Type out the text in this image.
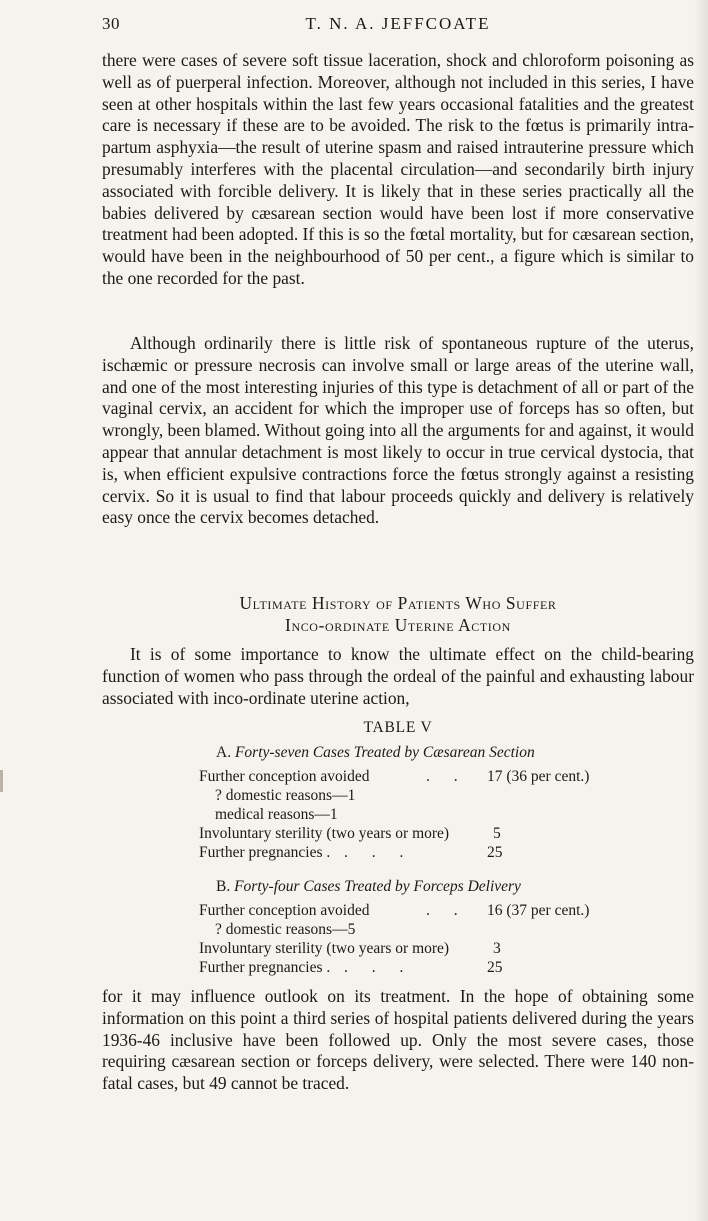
30	T. N. A. JEFFCOATE

there were cases of severe soft tissue laceration, shock and chloroform poisoning as well as of puerperal infection. Moreover, although not included in this series, I have seen at other hospitals within the last few years occasional fatalities and the greatest care is necessary if these are to be avoided. The risk to the fœtus is primarily intra-partum asphyxia—the result of uterine spasm and raised intrauterine pressure which presumably interferes with the placental circulation—and secondarily birth injury associated with forcible delivery. It is likely that in these series practically all the babies delivered by cæsarean section would have been lost if more conservative treatment had been adopted. If this is so the fœtal mortality, but for cæsarean section, would have been in the neighbourhood of 50 per cent., a figure which is similar to the one recorded for the past.

Although ordinarily there is little risk of spontaneous rupture of the uterus, ischæmic or pressure necrosis can involve small or large areas of the uterine wall, and one of the most interesting injuries of this type is detachment of all or part of the vaginal cervix, an accident for which the improper use of forceps has so often, but wrongly, been blamed. Without going into all the arguments for and against, it would appear that annular detachment is most likely to occur in true cervical dystocia, that is, when efficient expulsive contractions force the fœtus strongly against a resisting cervix. So it is usual to find that labour proceeds quickly and delivery is relatively easy once the cervix becomes detached.

Ultimate History of Patients Who Suffer
Inco-ordinate Uterine Action

It is of some importance to know the ultimate effect on the child-bearing function of women who pass through the ordeal of the painful and exhausting labour associated with inco-ordinate uterine action,

TABLE V
A. Forty-seven Cases Treated by Cæsarean Section
Further conception avoided	. . 17 (36 per cent.)
? domestic reasons—1
medical reasons—1
Involuntary sterility (two years or more)	5
Further pregnancies . . . .	25
B. Forty-four Cases Treated by Forceps Delivery
Further conception avoided	. . 16 (37 per cent.)
? domestic reasons—5
Involuntary sterility (two years or more)	3
Further pregnancies . . . .	25

for it may influence outlook on its treatment. In the hope of obtaining some information on this point a third series of hospital patients delivered during the years 1936-46 inclusive have been followed up. Only the most severe cases, those requiring cæsarean section or forceps delivery, were selected. There were 140 non-fatal cases, but 49 cannot be traced.
